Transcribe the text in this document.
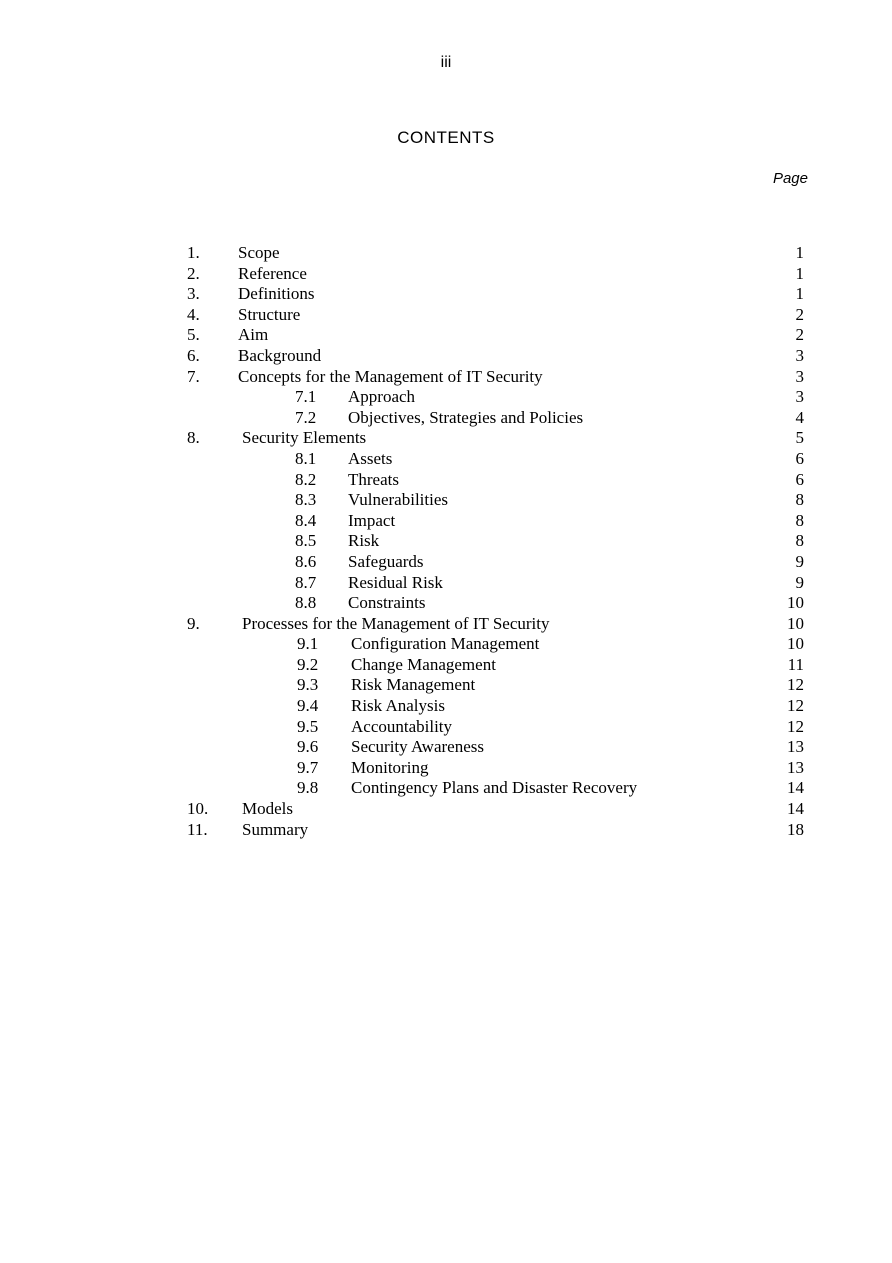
iii
CONTENTS
Page
1. Scope	1
2. Reference	1
3. Definitions	1
4. Structure	2
5. Aim	2
6. Background	3
7. Concepts for the Management of IT Security	3
7.1 Approach	3
7.2 Objectives, Strategies and Policies	4
8. Security Elements	5
8.1 Assets	6
8.2 Threats	6
8.3 Vulnerabilities	8
8.4 Impact	8
8.5 Risk	8
8.6 Safeguards	9
8.7 Residual Risk	9
8.8 Constraints	10
9. Processes for the Management of IT Security	10
9.1 Configuration Management	10
9.2 Change Management	11
9.3 Risk Management	12
9.4 Risk Analysis	12
9.5 Accountability	12
9.6 Security Awareness	13
9.7 Monitoring	13
9.8 Contingency Plans and Disaster Recovery	14
10. Models	14
11. Summary	18
